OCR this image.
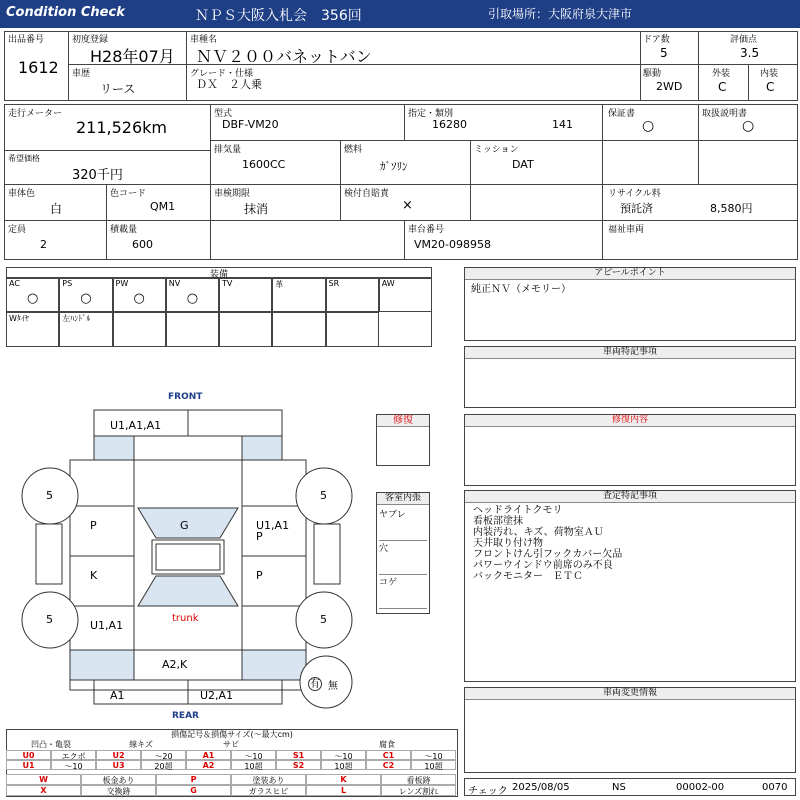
Condition Check	ＮＰＳ大阪入札会　356回	引取場所：大阪府泉大津市
出品番号
1612
初度登録
H28年07月
車種名
ＮＶ２００バネットバン
ドア数
5
評価点
3.5
車歴
リース
グレード・仕様
ＤＸ　２人乗
駆動
2WD
外装
C
内装
C
走行メーター
211,526km
希望価格
320千円
型式
DBF-VM20
指定・類別
16280	141
排気量
1600CC
燃料
ｶﾞｿﾘﾝ
ミッション
DAT
保証書
○
取扱説明書
○
車体色
白
色コード
QM1
車検期限
抹消
検付自賠責
×
リサイクル料
預託済	8,580円
定員
2
積載量
600
車台番号
VM20-098958
福祉車両
装備
AC
○
PS
○
PW
○
NV
○
TV	革	SR	AW
Wﾀｲﾔ	左ﾊﾝﾄﾞﾙ
アピールポイント
純正ＮＶ（メモリー）
車両特記事項
修復内容
査定特記事項
ヘッドライトクモリ
看板部塗抹
内装汚れ、キズ、荷物室ＡＵ
天井取り付け物
フロントけん引フックカバー欠品
パワーウインドウ前席のみ不良
バックモニター　ＥＴＣ
車両変更情報
修復
客室内張
ヤブレ
穴
コゲ
FRONT
REAR
5	5
5	5
U1,A1,A1
U1,A1
P
P	G
K	P
U1,A1
trunk
A2,K
A1	U2,A1
有 無
損傷記号＆損傷サイズ(〜最大cm)
凹凸・亀裂	線キズ	サビ	腐食
U0	エクボ	U2	〜20	A1	〜10	S1	〜10	C1	〜10
U1	〜10	U3	20超	A2	10超	S2	10超	C2	10超
W	板金あり	P	塗装あり	K	看板跡
X	交換跡	G	ガラスヒビ	L	レンズ割れ	チェック 2025/08/05	NS	00002-00	0070
